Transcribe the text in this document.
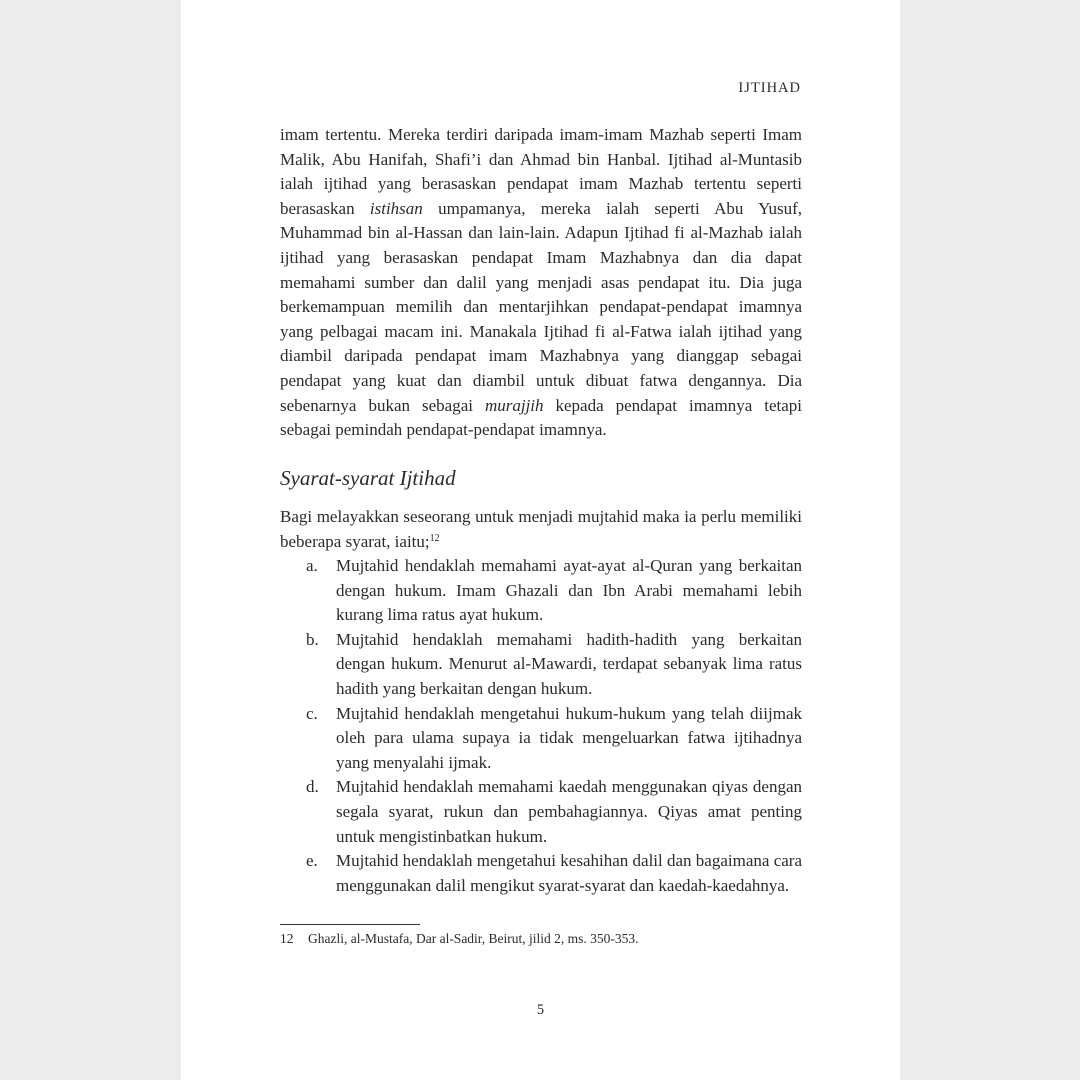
IJTIHAD

imam tertentu. Mereka terdiri daripada imam-imam Mazhab seperti Imam Malik, Abu Hanifah, Shafi’i dan Ahmad bin Hanbal. Ijtihad al-Muntasib ialah ijtihad yang berasaskan pendapat imam Mazhab tertentu seperti berasaskan istihsan umpamanya, mereka ialah seperti Abu Yusuf, Muhammad bin al-Hassan dan lain-lain. Adapun Ijtihad fi al-Mazhab ialah ijtihad yang berasaskan pendapat Imam Mazhabnya dan dia dapat memahami sumber dan dalil yang menjadi asas pendapat itu. Dia juga berkemampuan memilih dan mentarjihkan pendapat-pendapat imamnya yang pelbagai macam ini. Manakala Ijtihad fi al-Fatwa ialah ijtihad yang diambil daripada pendapat imam Mazhabnya yang dianggap sebagai pendapat yang kuat dan diambil untuk dibuat fatwa dengannya. Dia sebenarnya bukan sebagai murajjih kepada pendapat imamnya tetapi sebagai pemindah pendapat-pendapat imamnya.

Syarat-syarat Ijtihad
Bagi melayakkan seseorang untuk menjadi mujtahid maka ia perlu memiliki beberapa syarat, iaitu;$^{12}$
a. Mujtahid hendaklah memahami ayat-ayat al-Quran yang berkaitan dengan hukum. Imam Ghazali dan Ibn Arabi memahami lebih kurang lima ratus ayat hukum.
b. Mujtahid hendaklah memahami hadith-hadith yang berkaitan dengan hukum. Menurut al-Mawardi, terdapat sebanyak lima ratus hadith yang berkaitan dengan hukum.
c. Mujtahid hendaklah mengetahui hukum-hukum yang telah diijmak oleh para ulama supaya ia tidak mengeluarkan fatwa ijtihadnya yang menyalahi ijmak.
d. Mujtahid hendaklah memahami kaedah menggunakan qiyas dengan segala syarat, rukun dan pembahagiannya. Qiyas amat penting untuk mengistinbatkan hukum.
e. Mujtahid hendaklah mengetahui kesahihan dalil dan bagaimana cara menggunakan dalil mengikut syarat-syarat dan kaedah-kaedahnya.
12 Ghazli, al-Mustafa, Dar al-Sadir, Beirut, jilid 2, ms. 350-353.
5
